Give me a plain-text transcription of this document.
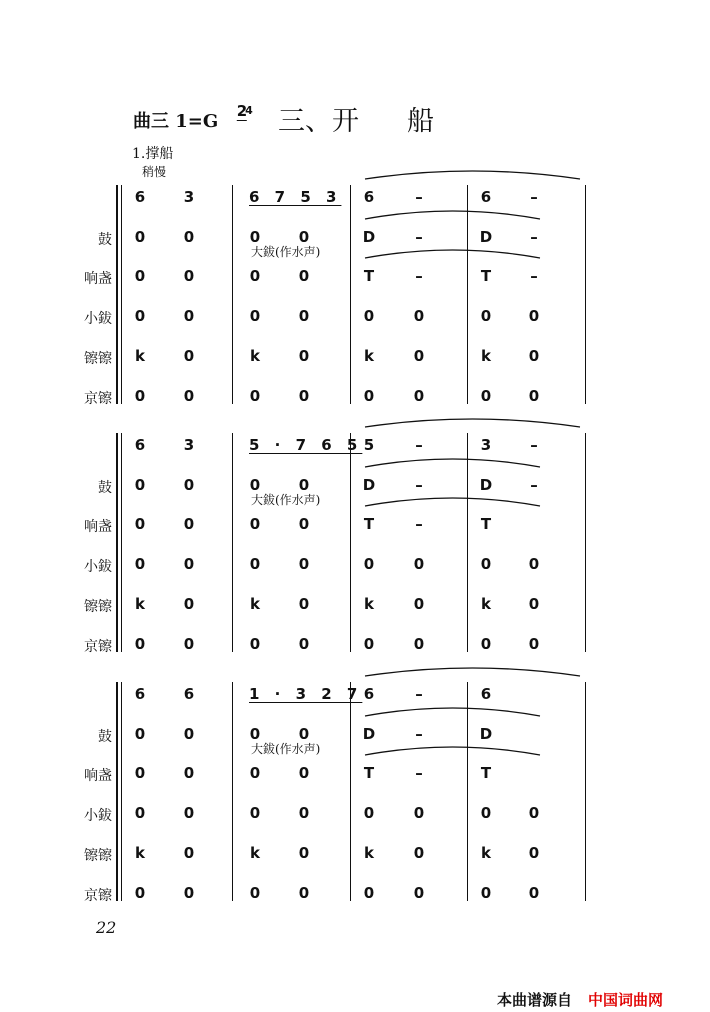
曲三 1=G 2
4 三、开 船
1.撑船
稍慢
6	3	6 7 5 3 6	–	6	–
鼓 0	0	0	0	D	–	D	–
响盏 0	0	0	0	T	–	T	–
小鈸 0	0	0	0	0	0	0	0
镲镲 k	0	k	0	k	0	k	0
京镲 0	0	0	0	0	0	0	0
大鈸(作水声)
6	3	5 · 7 6 5 5	–	3	–
鼓 0	0	0	0	D	–	D	–
响盏 0	0	0	0	T	–	T
小鈸 0	0	0	0	0	0	0	0
镲镲 k	0	k	0	k	0	k	0
京镲 0	0	0	0	0	0	0	0
大鈸(作水声)
6	6	1 · 3 2 7 6	–	6
鼓 0	0	0	0	D	–	D
响盏 0	0	0	0	T	–	T
小鈸 0	0	0	0	0	0	0	0
镲镲 k	0	k	0	k	0	k	0
京镲 0	0	0	0	0	0	0	0
大鈸(作水声)
22
本曲谱源自 中国词曲网
